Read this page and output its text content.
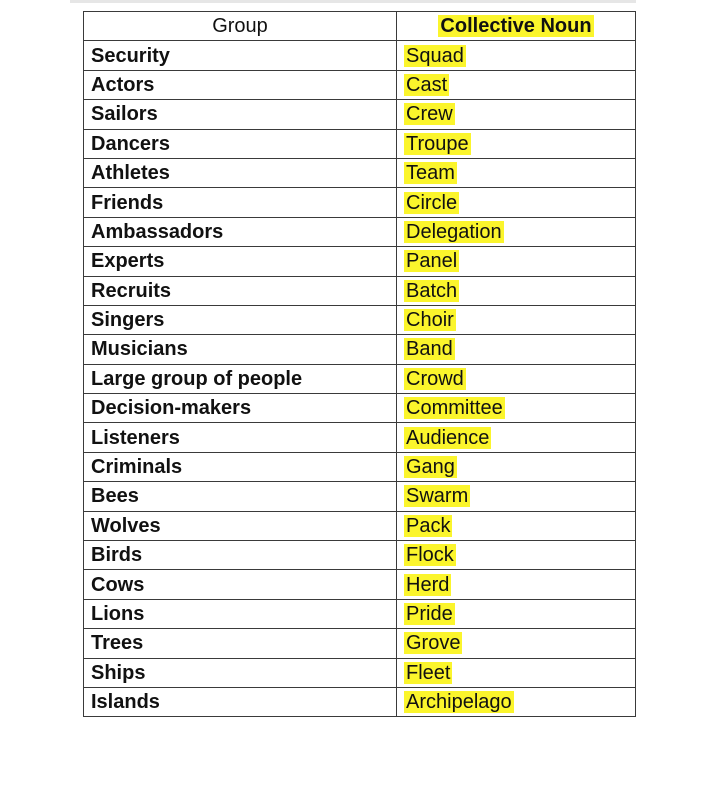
Group	Collective Noun
Security	Squad
Actors	Cast
Sailors	Crew
Dancers	Troupe
Athletes	Team
Friends	Circle
Ambassadors	Delegation
Experts	Panel
Recruits	Batch
Singers	Choir
Musicians	Band
Large group of people	Crowd
Decision-makers	Committee
Listeners	Audience
Criminals	Gang
Bees	Swarm
Wolves	Pack
Birds	Flock
Cows	Herd
Lions	Pride
Trees	Grove
Ships	Fleet
Islands	Archipelago
